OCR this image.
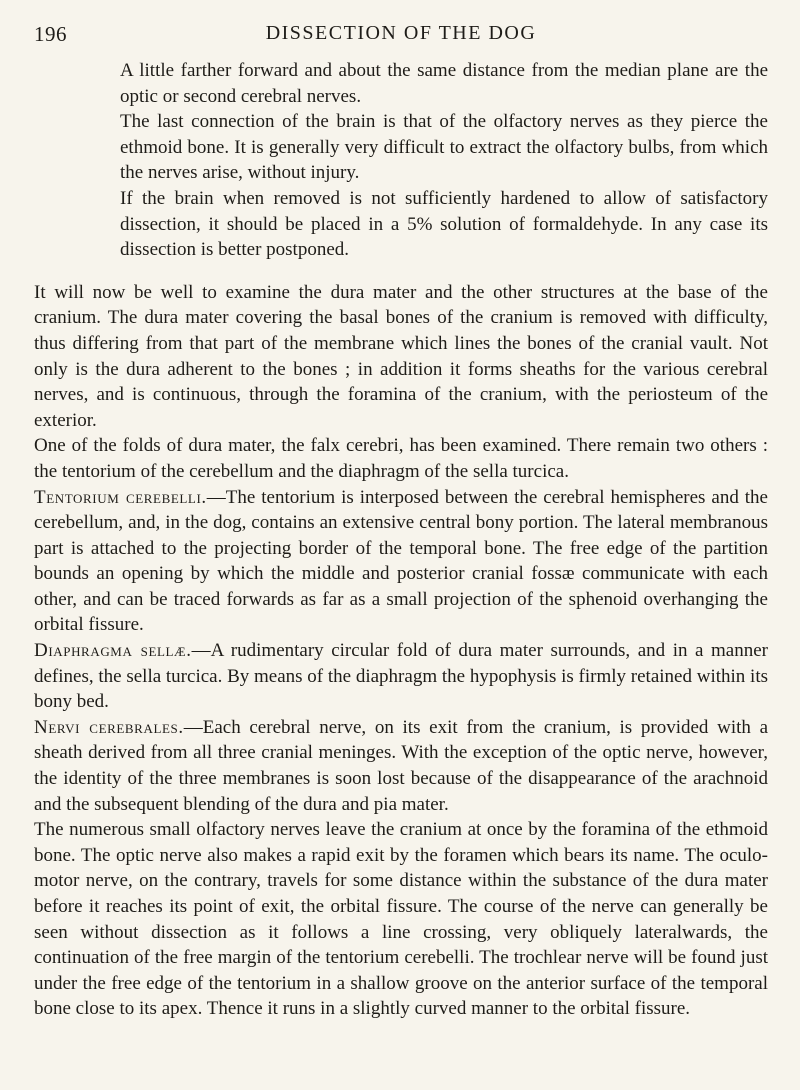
196	DISSECTION OF THE DOG

A little farther forward and about the same distance from the median plane are the optic or second cerebral nerves.

The last connection of the brain is that of the olfactory nerves as they pierce the ethmoid bone. It is generally very difficult to extract the olfactory bulbs, from which the nerves arise, without injury.

If the brain when removed is not sufficiently hardened to allow of satisfactory dissection, it should be placed in a 5% solution of formaldehyde. In any case its dissection is better postponed.

It will now be well to examine the dura mater and the other structures at the base of the cranium. The dura mater covering the basal bones of the cranium is removed with difficulty, thus differing from that part of the membrane which lines the bones of the cranial vault. Not only is the dura adherent to the bones ; in addition it forms sheaths for the various cerebral nerves, and is continuous, through the foramina of the cranium, with the periosteum of the exterior.

One of the folds of dura mater, the falx cerebri, has been examined. There remain two others : the tentorium of the cerebellum and the diaphragm of the sella turcica.

Tentorium cerebelli.—The tentorium is interposed between the cerebral hemispheres and the cerebellum, and, in the dog, contains an extensive central bony portion. The lateral membranous part is attached to the projecting border of the temporal bone. The free edge of the partition bounds an opening by which the middle and posterior cranial fossæ communicate with each other, and can be traced forwards as far as a small projection of the sphenoid overhanging the orbital fissure.

Diaphragma sellæ.—A rudimentary circular fold of dura mater surrounds, and in a manner defines, the sella turcica. By means of the diaphragm the hypophysis is firmly retained within its bony bed.

Nervi cerebrales.—Each cerebral nerve, on its exit from the cranium, is provided with a sheath derived from all three cranial meninges. With the exception of the optic nerve, however, the identity of the three membranes is soon lost because of the disappearance of the arachnoid and the subsequent blending of the dura and pia mater.

The numerous small olfactory nerves leave the cranium at once by the foramina of the ethmoid bone. The optic nerve also makes a rapid exit by the foramen which bears its name. The oculo-motor nerve, on the contrary, travels for some distance within the substance of the dura mater before it reaches its point of exit, the orbital fissure. The course of the nerve can generally be seen without dissection as it follows a line crossing, very obliquely lateralwards, the continuation of the free margin of the tentorium cerebelli. The trochlear nerve will be found just under the free edge of the tentorium in a shallow groove on the anterior surface of the temporal bone close to its apex. Thence it runs in a slightly curved manner to the orbital fissure.
